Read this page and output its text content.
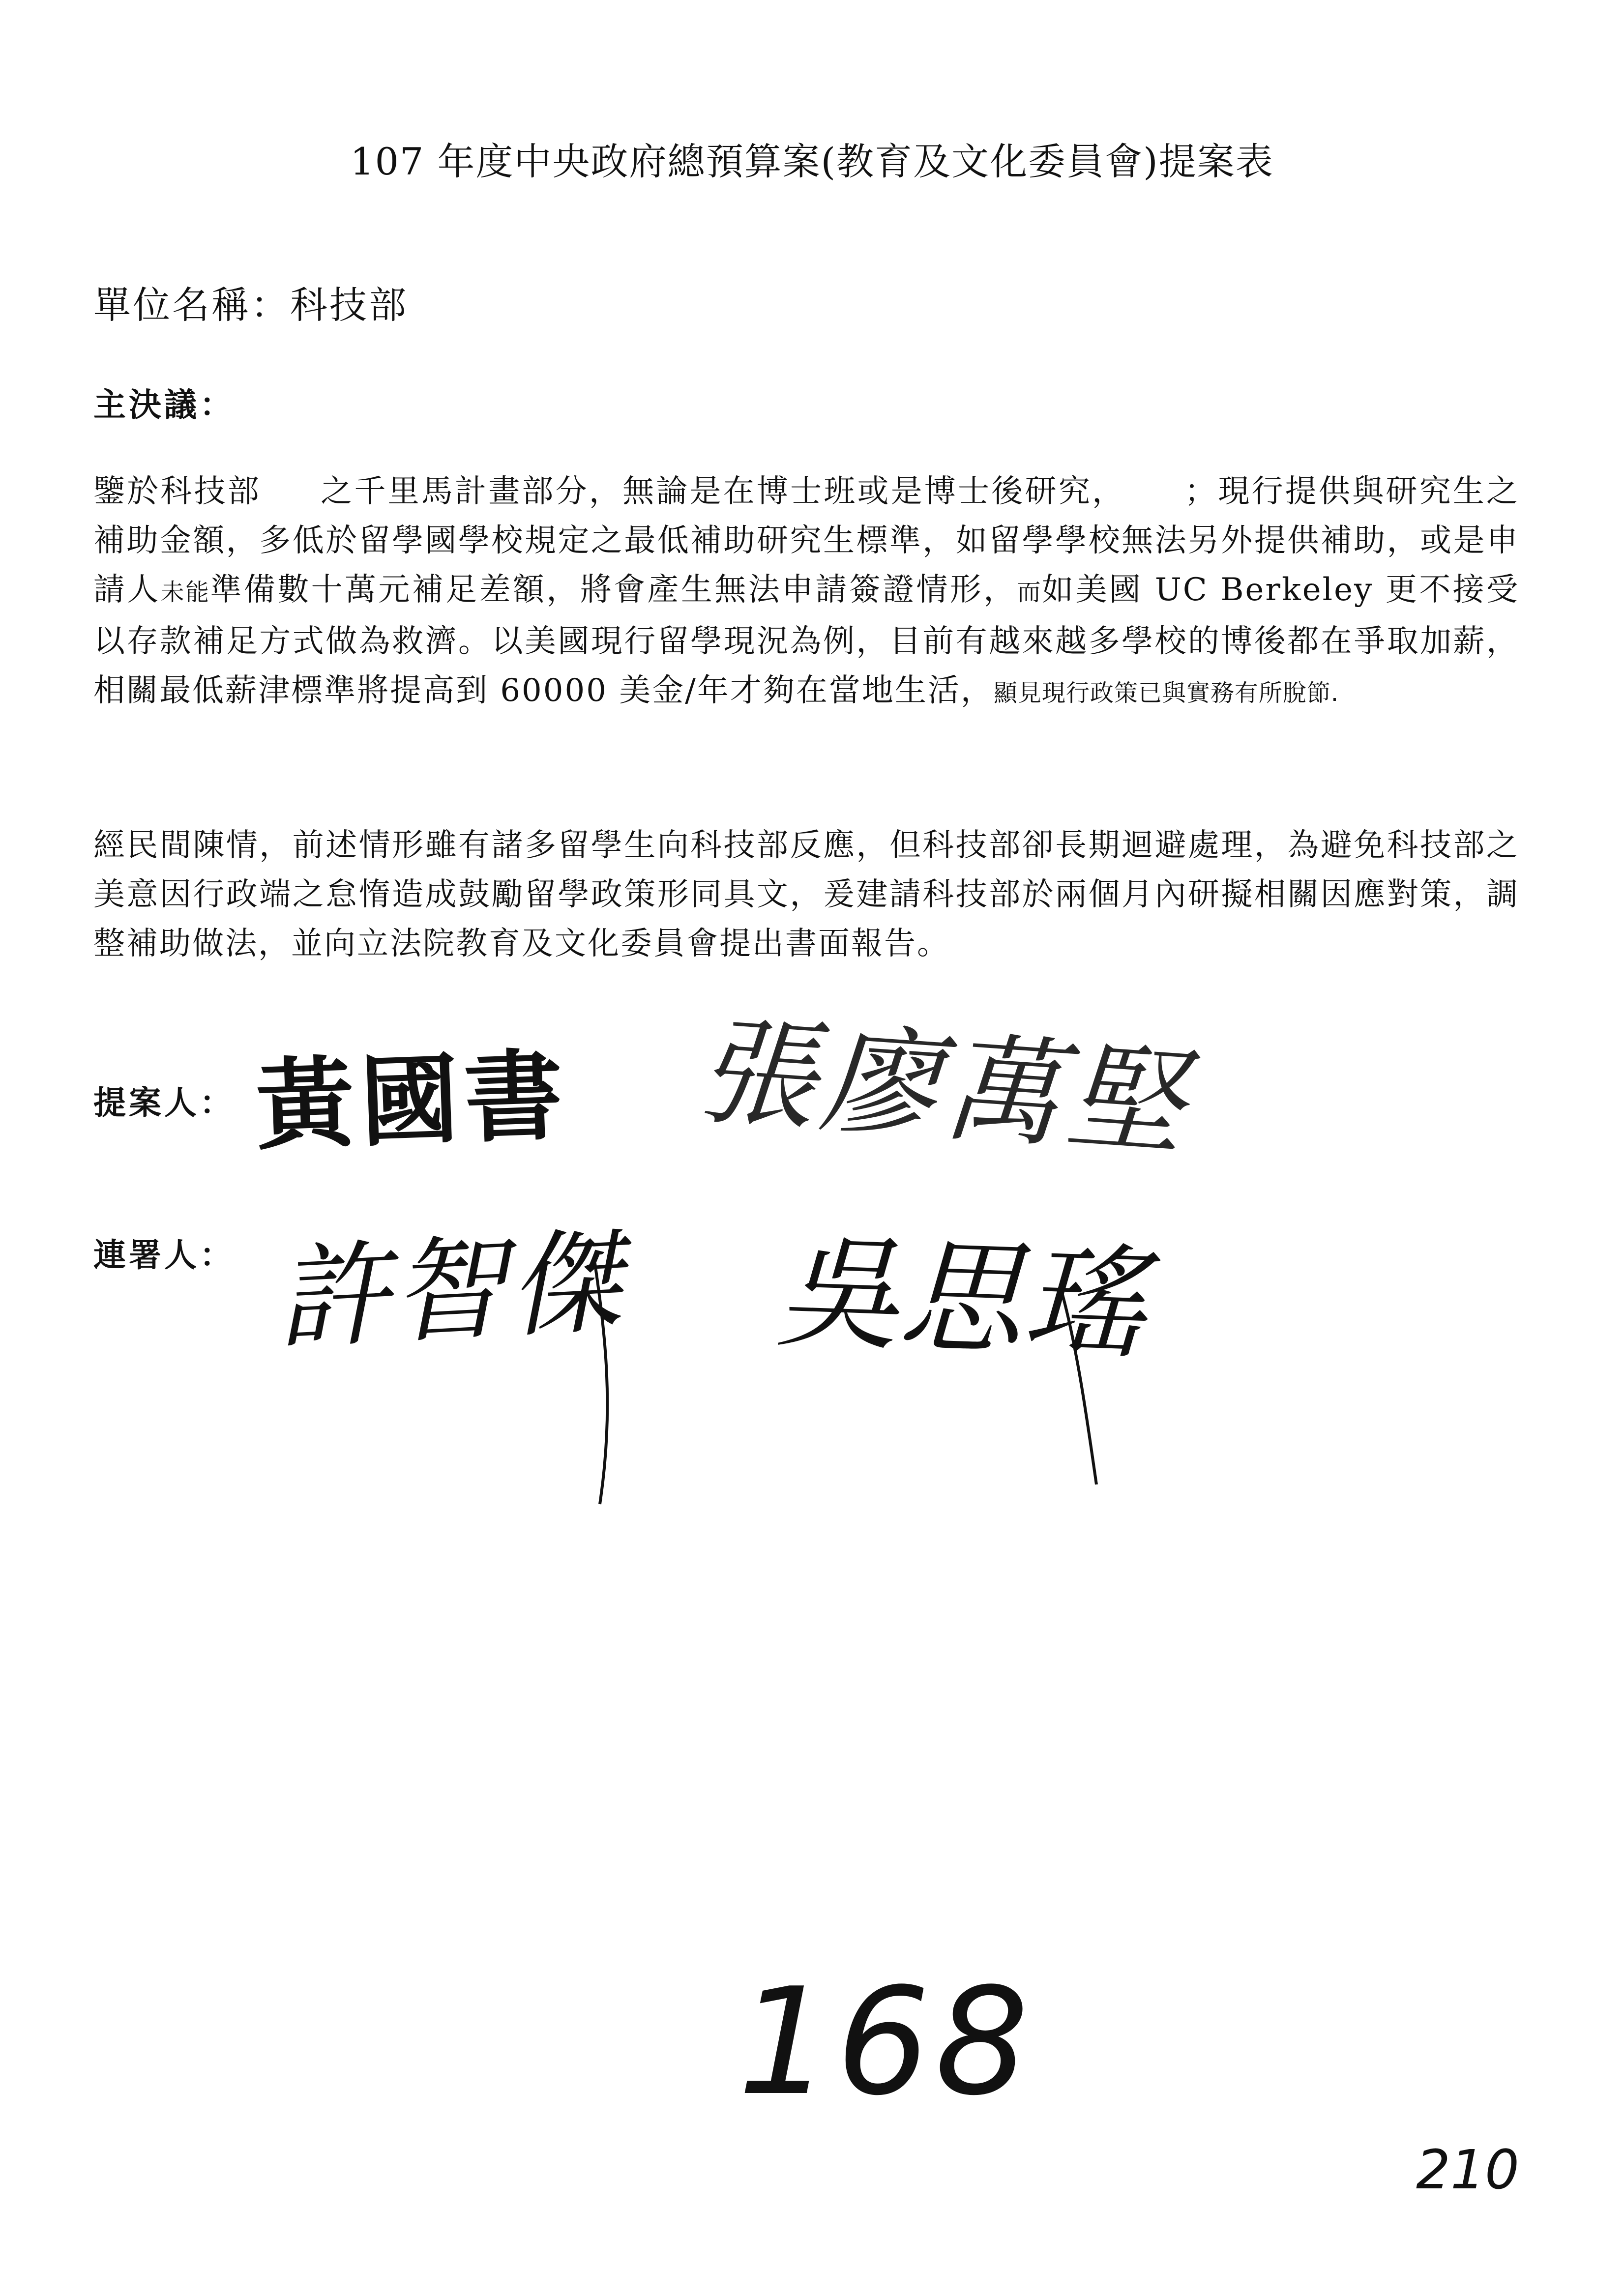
107 年度中央政府總預算案(教育及文化委員會)提案表
單位名稱：科技部
主決議：
鑒於科技部 之千里馬計畫部分，無論是在博士班或是博士後研究， ；現行提供與研究生之補助金額，多低於留學國學校規定之最低補助研究生標準，如留學學校無法另外提供補助，或是申請人未能準備數十萬元補足差額，將會產生無法申請簽證情形，而如美國 UC Berkeley 更不接受以存款補足方式做為救濟。以美國現行留學現況為例，目前有越來越多學校的博後都在爭取加薪，相關最低薪津標準將提高到 60000 美金/年才夠在當地生活，顯見現行政策已與實務有所脫節.
經民間陳情，前述情形雖有諸多留學生向科技部反應，但科技部卻長期迴避處理，為避免科技部之美意因行政端之怠惰造成鼓勵留學政策形同具文，爰建請科技部於兩個月內研擬相關因應對策，調整補助做法，並向立法院教育及文化委員會提出書面報告。
提案人： 黃國書 張廖萬堅
連署人： 許智傑 吳思瑤
168
210
